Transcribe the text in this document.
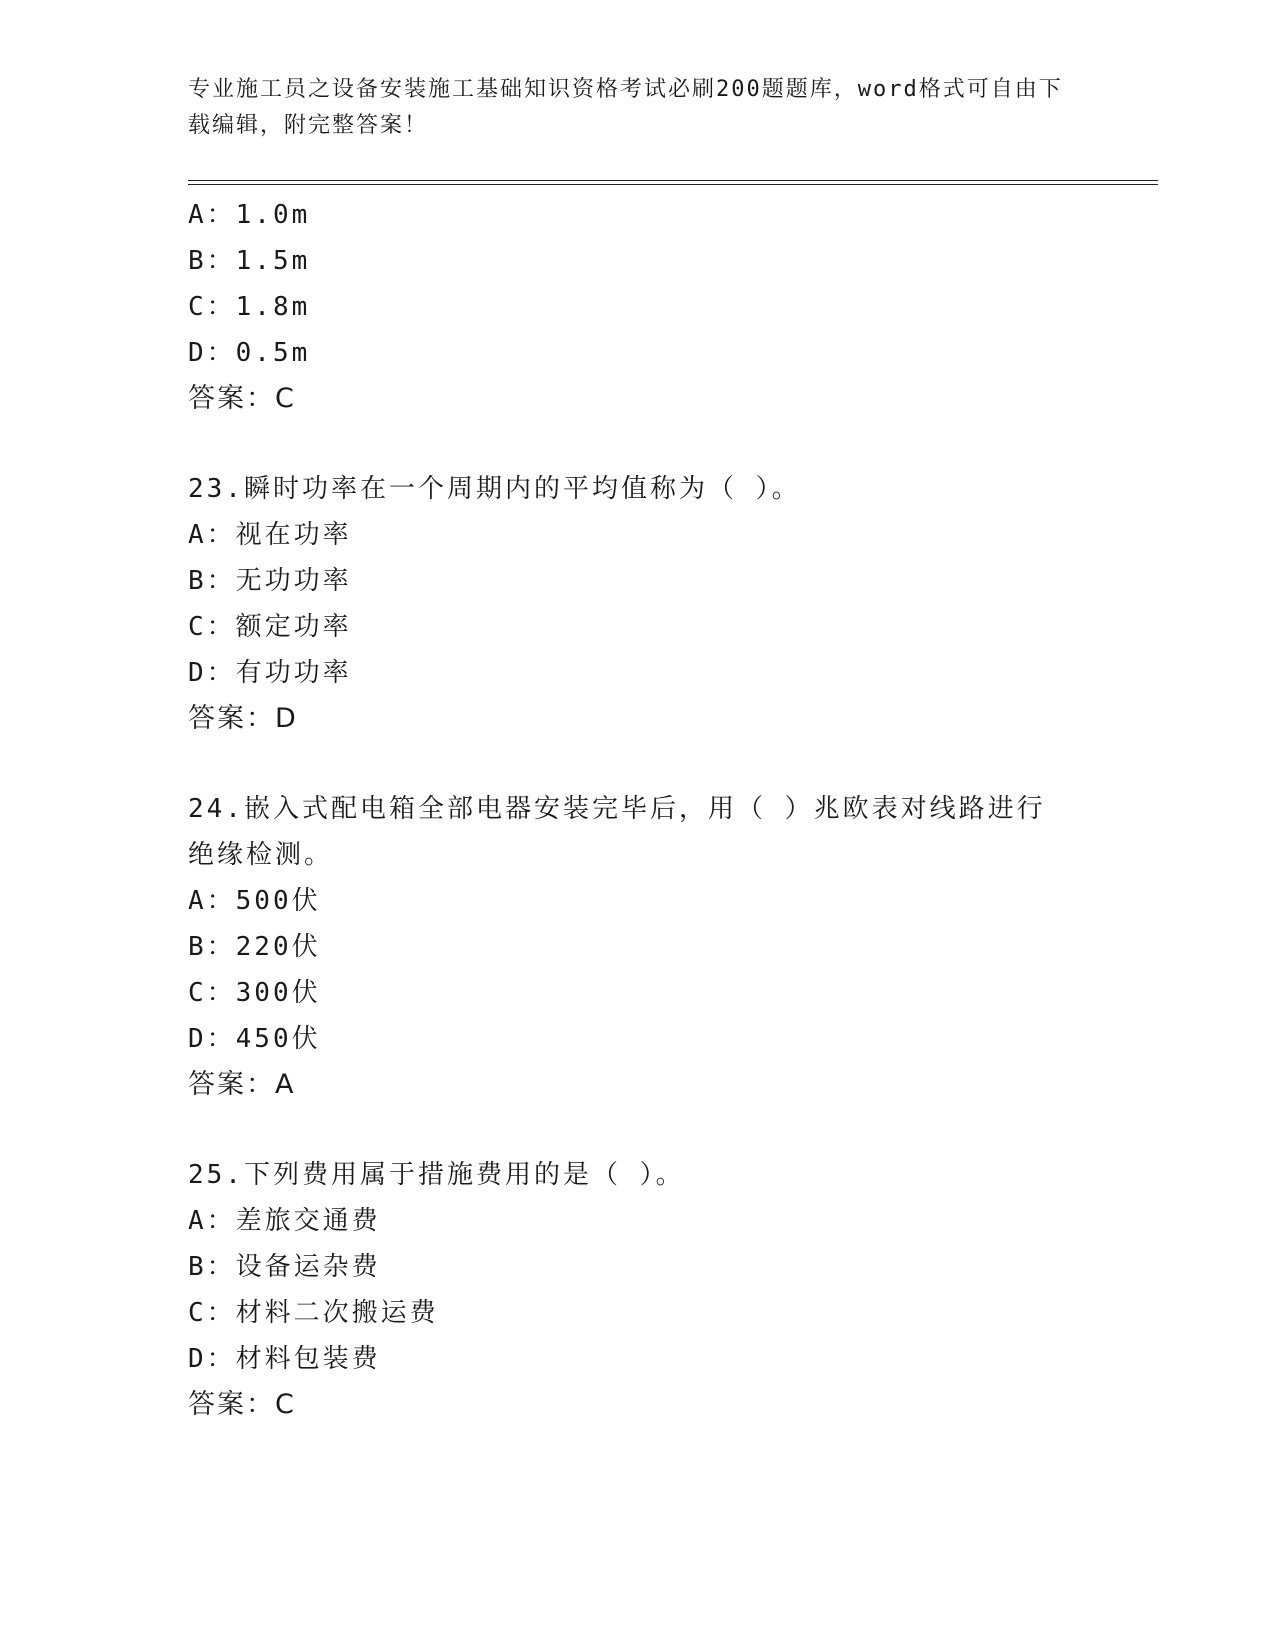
专业施工员之设备安装施工基础知识资格考试必刷200题题库，word格式可自由下载编辑，附完整答案！
A：1.0m
B：1.5m
C：1.8m
D：0.5m
答案：C
23.瞬时功率在一个周期内的平均值称为（ ）。
A：视在功率
B：无功功率
C：额定功率
D：有功功率
答案：D
24.嵌入式配电箱全部电器安装完毕后，用（ ）兆欧表对线路进行绝缘检测。
A：500伏
B：220伏
C：300伏
D：450伏
答案：A
25.下列费用属于措施费用的是（ ）。
A：差旅交通费
B：设备运杂费
C：材料二次搬运费
D：材料包装费
答案：C
